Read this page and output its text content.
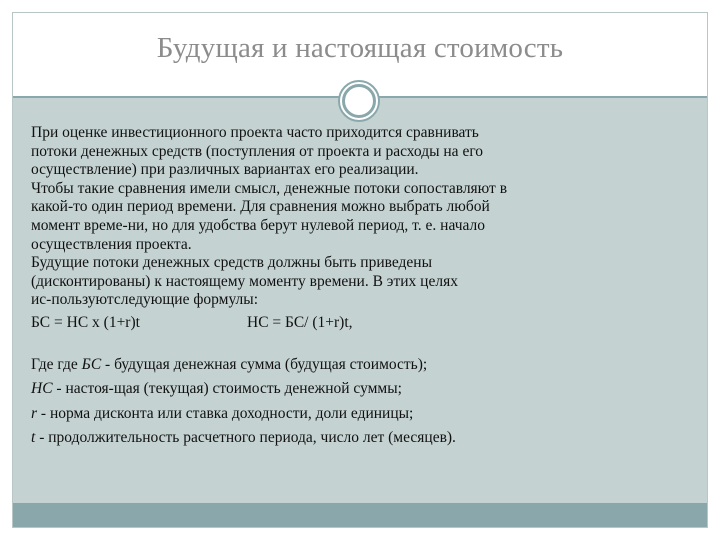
Будущая и настоящая стоимость

При оценке инвестиционного проекта часто приходится сравнивать

потоки денежных средств (поступления от проекта и расходы на его

осуществление) при различных вариантах его реализации.

Чтобы такие сравнения имели смысл, денежные потоки сопоставляют в

какой-то один период времени. Для сравнения можно выбрать любой

момент време-ни, но для удобства берут нулевой период, т. е. начало

осуществления проекта.

Будущие потоки денежных средств должны быть приведены

(дисконтированы) к настоящему моменту времени. В этих целях

ис-пользуютследующие формулы:

БС = НС х (1+r)t	НС = БС/ (1+r)t,

Где где БС - будущая денежная сумма (будущая стоимость);

НС - настоя-щая (текущая) стоимость денежной суммы;

r - норма дисконта или ставка доходности, доли единицы;

t - продолжительность расчетного периода, число лет (месяцев).
